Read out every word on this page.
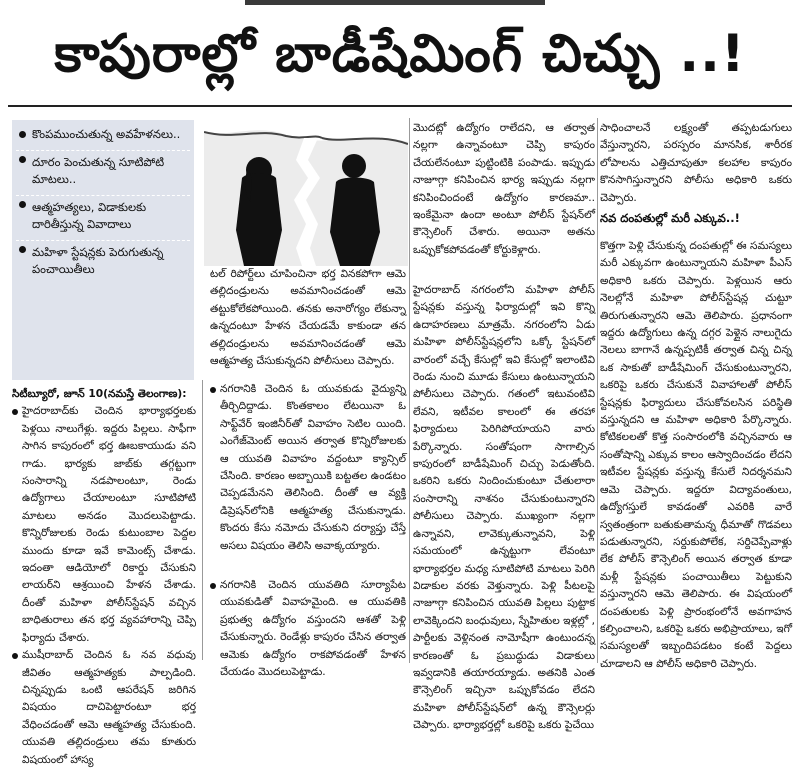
కాపురాల్లో బాడీషేమింగ్‌ చిచ్చు ..!
కొంపముంచుతున్న అవహేళనలు..
దూరం పెంచుతున్న సూటిపోటి మాటలు..
ఆత్మహత్యలు, విడాకులకు దారితీస్తున్న వివాదాలు
మహిళా స్టేషన్లకు పెరుగుతున్న పంచాయితీలు

సిటీబ్యూరో, జూన్‌ 10(నమస్తే తెలంగాణ):

హైదరాబాద్‌కు చెందిన భార్యాభర్తలకు పెళ్లయి నాలుగేళ్లు. ఇద్దరు పిల్లలు. సాఫీగా సాగిన కాపురంలో భర్త ఊబకాయుడు వని గాడు. భార్యకు జాబ్‌కు తగ్గట్టుగా సంసారాన్ని నడపాలంటూ, రెండు ఉద్యోగాలు చేయాలంటూ సూటిపోటి మాటలు అనడం మొదలుపెట్టాడు. కొన్నిరోజులకు రెండు కుటుంబాల పెద్దల ముందు కూడా ఇవే కామెంట్స్‌ చేశాడు. ఇదంతా ఆడియోలో రికార్డు చేసుకుని లాయర్‌ని ఆశ్రయించి హేళన చేశాడు. దీంతో మహిళా పోలీస్‌స్టేషన్‌ వచ్చిన బాధితురాలు తన భర్త వ్యవహారాన్ని చెప్పి ఫిర్యాదు చేశారు.

ముషీరాబాద్‌ చెందిన ఓ నవ వధువు జీవితం ఆత్మహత్యకు పాల్పడింది. చిన్నప్పుడు ఒంటి ఆపరేషన్‌ జరిగిన విషయం దాచిపెట్టారంటూ భర్త వేధించడంతో ఆమె ఆత్మహత్య చేసుకుంది. యువతి తల్లిదండ్రులు తమ కూతురు విషయంలో హాస్య

టల్‌ రిపోర్ట్‌లు చూపించినా భర్త వినకపోగా ఆమె తల్లిదండ్రులను అవమానించడంతో ఆమె తట్టుకోలేకపోయింది. తనకు అనారోగ్యం లేకున్నా ఉన్నదంటూ హేళన చేయడమే కాకుండా తన తల్లిదండ్రులను అవమానించడంతో ఆమె ఆత్మహత్య చేసుకున్నదని పోలీసులు చెప్పారు.

నగరానికి చెందిన ఓ యువకుడు వైద్యున్ని తీర్చిదిద్దాడు. కొంతకాలం లేటయినా ఓ సాఫ్ట్‌వేర్‌ ఇంజినీర్‌తో వివాహం సెటిల యింది. ఎంగేజ్‌మెంట్‌ అయిన తర్వాత కొన్నిరోజులకు ఆ యువతి వివాహం వద్దంటూ క్యాన్సిల్‌ చేసింది. కారణం అబ్బాయికి బట్టతల ఉండటం చెప్పడమేనని తెలిసింది. దీంతో ఆ వ్యక్తి డిప్రెషన్‌లోనికి ఆత్మహత్య చేసుకున్నాడు. కొందరు కేసు నమోదు చేసుకుని దర్యాప్తు చేస్తే అసలు విషయం తెలిసి అవాక్కయ్యారు.

నగరానికి చెందిన యువతిది సూర్యాపేట యువకుడితో వివాహమైంది. ఆ యువతికి ప్రభుత్వ ఉద్యోగం వస్తుందని ఆశతో పెళ్లి చేసుకున్నారు. రెండేళ్లు కాపురం చేసిన తర్వాత ఆమెకు ఉద్యోగం రాకపోవడంతో హేళన చేయడం మొదలుపెట్టాడు.

మొదట్లో ఉద్యోగం రాలేదని, ఆ తర్వాత నల్లగా ఉన్నావంటూ చెప్పి కాపురం చేయలేనంటూ పుట్టింటికి పంపాడు. ఇప్పుడు నాజూగ్గా కనిపించిన భార్య ఇప్పుడు నల్లగా కనిపించిందంటే ఉద్యోగం కారణమా.. ఇంకేమైనా ఉందా అంటూ పోలీస్‌ స్టేషన్‌లో కౌన్సెలింగ్‌ చేశారు. అయినా అతను ఒప్పుకోకపోవడంతో కోర్టుకెళ్లారు.

హైదరాబాద్‌ నగరంలోని మహిళా పోలీస్‌ స్టేషన్లకు వస్తున్న ఫిర్యాదుల్లో ఇవి కొన్ని ఉదాహరణలు మాత్రమే. నగరంలోని ఏడు మహిళా పోలీస్‌స్టేషన్లలోని ఒక్కో స్టేషన్‌లో వారంలో వచ్చే కేసుల్లో ఇవి కేసుల్లో ఇలాంటివి రెండు నుంచి మూడు కేసులు ఉంటున్నాయని పోలీసులు చెప్పారు. గతంలో ఇటువంటివి లేవని, ఇటీవల కాలంలో ఈ తరహా ఫిర్యాదులు పెరిగిపోయాయని వారు పేర్కొన్నారు. సంతోషంగా సాగాల్సిన కాపురంలో బాడీషేమింగ్‌ చిచ్చు పెడుతోంది. ఒకరిని ఒకరు నిందించుకుంటూ చేతులారా సంసారాన్ని నాశనం చేసుకుంటున్నారని పోలీసులు చెప్పారు. ముఖ్యంగా నల్లగా ఉన్నావని, లావెక్కుతున్నావని, పెళ్లి సమయంలో ఉన్నట్టుగా లేవంటూ భార్యాభర్తల మధ్య సూటిపోటి మాటలు పెరిగి విడాకుల వరకు వెళ్తున్నారు. పెళ్లి పీటలపై నాజూగ్గా కనిపించిన యువతి పిల్లలు పుట్టాక లావెక్కిందని బంధువులు, స్నేహితుల ఇళ్లల్లో , పార్టీలకు వెళ్లినంత నామోషీగా ఉంటుందన్న కారణంతో ఓ ప్రబుద్ధుడు విడాకులు ఇవ్వడానికి తయారయ్యాడు. అతనికి ఎంత కౌన్సెలింగ్‌ ఇచ్చినా ఒప్పుకోవడం లేదని మహిళా పోలీస్‌స్టేషన్‌లో ఉన్న కౌన్సెలర్లు చెప్పారు. భార్యాభర్తల్లో ఒకరిపై ఒకరు పైచేయి

సాధించాలనే లక్ష్యంతో తప్పటడుగులు వేస్తున్నారని, పరస్పరం మానసిక, శారీరక లోపాలను ఎత్తిచూపుతూ కలహాల కాపురం కొనసాగిస్తున్నారని పోలీసు అధికారి ఒకరు చెప్పారు.

నవ దంపతుల్లో మరీ ఎక్కువ..!

కొత్తగా పెళ్లి చేసుకున్న దంపతుల్లో ఈ సమస్యలు మరీ ఎక్కువగా ఉంటున్నాయని మహిళా పీఎస్‌ అధికారి ఒకరు చెప్పారు. పెళ్లయిన ఆరు నెలల్లోనే మహిళా పోలీస్‌స్టేషన్ల చుట్టూ తిరుగుతున్నారని ఆమె తెలిపారు. ప్రధానంగా ఇద్దరు ఉద్యోగులు ఉన్న దగ్గర పెళ్లైన నాలుగైదు నెలలు బాగానే ఉన్నప్పటికీ తర్వాత చిన్న చిన్న ఒక సాకుతో బాడీషేమింగ్‌ చేసుకుంటున్నారని, ఒకరిపై ఒకరు చేసుకునే వివాహాలతో పోలీస్‌ స్టేషన్లకు ఫిర్యాదులు చేసుకోవలసిన పరిస్థితి వస్తున్నదని ఆ మహిళా అధికారి పేర్కొన్నారు. కోటికలలతో కొత్త సంసారంలోకి వచ్చినవారు ఆ సంతోషాన్ని ఎక్కువ కాలం ఆస్వాదించడం లేదని ఇటీవల స్టేషన్లకు వస్తున్న కేసులే నిదర్శనమని ఆమె చెప్పారు. ఇద్దరూ విద్యావంతులు, ఉద్యోగస్తులే కావడంతో ఎవరికి వారే స్వతంత్రంగా బతుకుతామన్న ధీమాతో గొడవలు పడుతున్నారని, సర్దుకుపోలేక, సర్దిచెప్పేవాళ్లు లేక పోలీస్‌ కౌన్సెలింగ్‌ అయిన తర్వాత కూడా మళ్లీ స్టేషన్లకు పంచాయితీలు పెట్టుకుని వస్తున్నారని ఆమె తెలిపారు. ఈ విషయంలో దంపతులకు పెళ్లి ప్రారంభంలోనే అవగాహన కల్పించాలని, ఒకరిపై ఒకరు అభిప్రాయాలు, ఇగో సమస్యలతో ఇబ్బందిపడటం కంటే పెద్దలు చూడాలని ఆ పోలీస్‌ అధికారి చెప్పారు.
